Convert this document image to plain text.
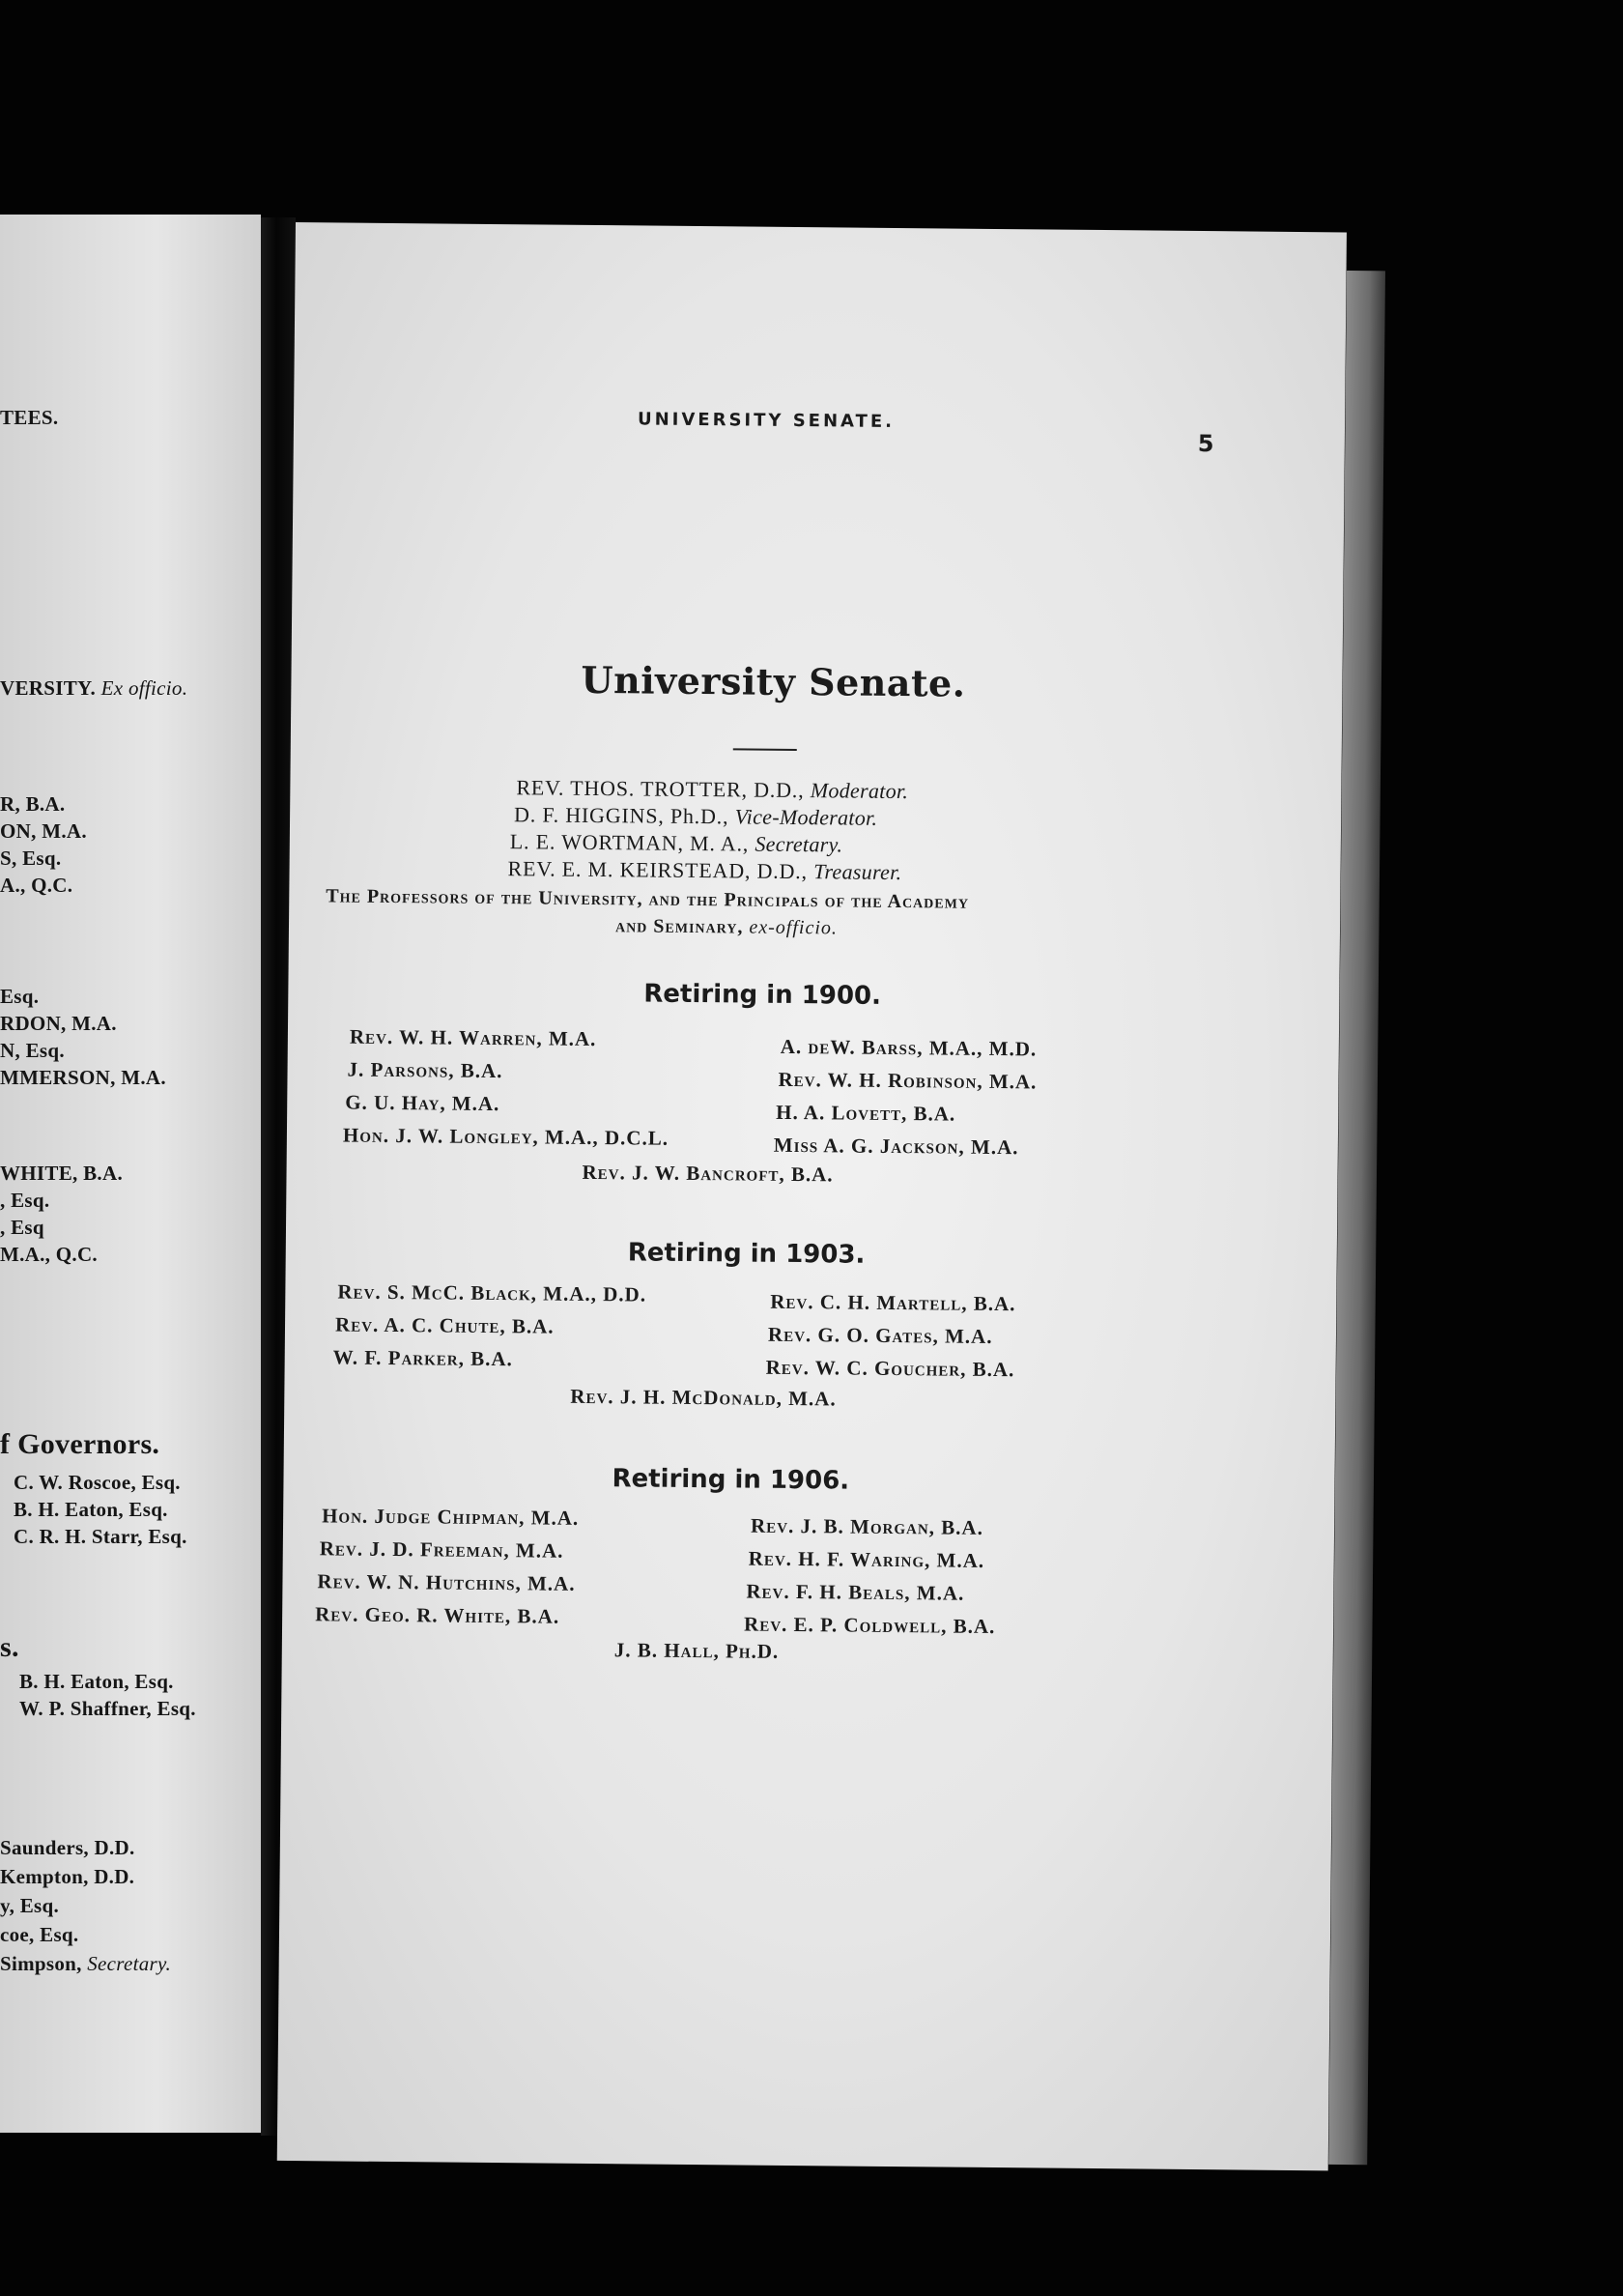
TEES.
VERSITY. Ex officio.
R, B.A.
ON, M.A.
S, Esq.
A., Q.C.
Esq.
RDON, M.A.
N, Esq.
MMERSON, M.A.
WHITE, B.A.
, Esq.
, Esq
M.A., Q.C.
f Governors.
C. W. Roscoe, Esq.
B. H. Eaton, Esq.
C. R. H. Starr, Esq.
s.
B. H. Eaton, Esq.
W. P. Shaffner, Esq.
Saunders, D.D.
Kempton, D.D.
y, Esq.
coe, Esq.
Simpson, Secretary.
UNIVERSITY SENATE.
5
University Senate.
REV. THOS. TROTTER, D.D., Moderator.
D. F. HIGGINS, Ph.D., Vice-Moderator.
L. E. WORTMAN, M. A., Secretary.
REV. E. M. KEIRSTEAD, D.D., Treasurer.
The Professors of the University, and the Principals of the Academy
and Seminary, ex-officio.
Retiring in 1900.
Rev. W. H. Warren, M.A.
J. Parsons, B.A.
G. U. Hay, M.A.
Hon. J. W. Longley, M.A., D.C.L.
A. deW. Barss, M.A., M.D.
Rev. W. H. Robinson, M.A.
H. A. Lovett, B.A.
Miss A. G. Jackson, M.A.
Rev. J. W. Bancroft, B.A.
Retiring in 1903.
Rev. S. McC. Black, M.A., D.D.
Rev. A. C. Chute, B.A.
W. F. Parker, B.A.
Rev. C. H. Martell, B.A.
Rev. G. O. Gates, M.A.
Rev. W. C. Goucher, B.A.
Rev. J. H. McDonald, M.A.
Retiring in 1906.
Hon. Judge Chipman, M.A.
Rev. J. D. Freeman, M.A.
Rev. W. N. Hutchins, M.A.
Rev. Geo. R. White, B.A.
Rev. J. B. Morgan, B.A.
Rev. H. F. Waring, M.A.
Rev. F. H. Beals, M.A.
Rev. E. P. Coldwell, B.A.
J. B. Hall, Ph.D.
